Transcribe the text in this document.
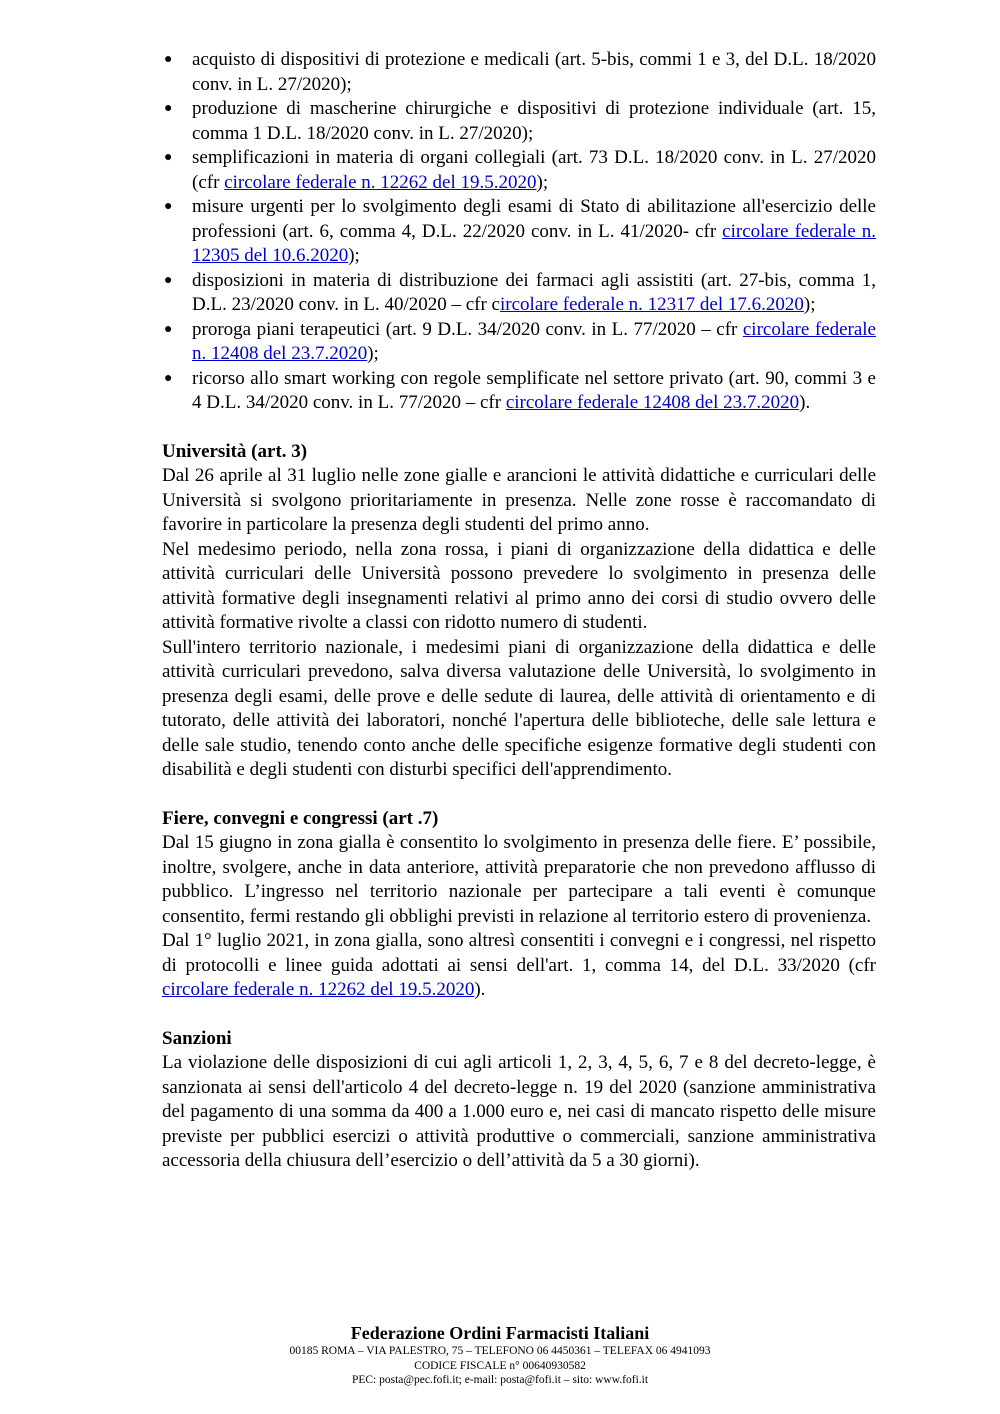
● acquisto di dispositivi di protezione e medicali (art. 5-bis, commi 1 e 3, del D.L. 18/2020 conv. in L. 27/2020);
● produzione di mascherine chirurgiche e dispositivi di protezione individuale (art. 15, comma 1 D.L. 18/2020 conv. in L. 27/2020);
● semplificazioni in materia di organi collegiali (art. 73 D.L. 18/2020 conv. in L. 27/2020 (cfr circolare federale n. 12262 del 19.5.2020);
● misure urgenti per lo svolgimento degli esami di Stato di abilitazione all'esercizio delle professioni (art. 6, comma 4, D.L. 22/2020 conv. in L. 41/2020- cfr circolare federale n. 12305 del 10.6.2020);
● disposizioni in materia di distribuzione dei farmaci agli assistiti (art. 27-bis, comma 1, D.L. 23/2020 conv. in L. 40/2020 – cfr circolare federale n. 12317 del 17.6.2020);
● proroga piani terapeutici (art. 9 D.L. 34/2020 conv. in L. 77/2020 – cfr circolare federale n. 12408 del 23.7.2020);
● ricorso allo smart working con regole semplificate nel settore privato (art. 90, commi 3 e 4 D.L. 34/2020 conv. in L. 77/2020 – cfr circolare federale 12408 del 23.7.2020).
Università (art. 3)

Dal 26 aprile al 31 luglio nelle zone gialle e arancioni le attività didattiche e curriculari delle Università si svolgono prioritariamente in presenza. Nelle zone rosse è raccomandato di favorire in particolare la presenza degli studenti del primo anno.

Nel medesimo periodo, nella zona rossa, i piani di organizzazione della didattica e delle attività curriculari delle Università possono prevedere lo svolgimento in presenza delle attività formative degli insegnamenti relativi al primo anno dei corsi di studio ovvero delle attività formative rivolte a classi con ridotto numero di studenti.

Sull'intero territorio nazionale, i medesimi piani di organizzazione della didattica e delle attività curriculari prevedono, salva diversa valutazione delle Università, lo svolgimento in presenza degli esami, delle prove e delle sedute di laurea, delle attività di orientamento e di tutorato, delle attività dei laboratori, nonché l'apertura delle biblioteche, delle sale lettura e delle sale studio, tenendo conto anche delle specifiche esigenze formative degli studenti con disabilità e degli studenti con disturbi specifici dell'apprendimento.

Fiere, convegni e congressi (art .7)

Dal 15 giugno in zona gialla è consentito lo svolgimento in presenza delle fiere. E’ possibile, inoltre, svolgere, anche in data anteriore, attività preparatorie che non prevedono afflusso di pubblico. L’ingresso nel territorio nazionale per partecipare a tali eventi è comunque consentito, fermi restando gli obblighi previsti in relazione al territorio estero di provenienza.

Dal 1° luglio 2021, in zona gialla, sono altresì consentiti i convegni e i congressi, nel rispetto di protocolli e linee guida adottati ai sensi dell'art. 1, comma 14, del D.L. 33/2020 (cfr circolare federale n. 12262 del 19.5.2020).

Sanzioni

La violazione delle disposizioni di cui agli articoli 1, 2, 3, 4, 5, 6, 7 e 8 del decreto-legge, è sanzionata ai sensi dell'articolo 4 del decreto-legge n. 19 del 2020 (sanzione amministrativa del pagamento di una somma da 400 a 1.000 euro e, nei casi di mancato rispetto delle misure previste per pubblici esercizi o attività produttive o commerciali, sanzione amministrativa accessoria della chiusura dell’esercizio o dell’attività da 5 a 30 giorni).

Federazione Ordini Farmacisti Italiani
00185 ROMA – VIA PALESTRO, 75 – TELEFONO 06 4450361 – TELEFAX 06 4941093
CODICE FISCALE n° 00640930582
PEC: posta@pec.fofi.it; e-mail: posta@fofi.it – sito: www.fofi.it
